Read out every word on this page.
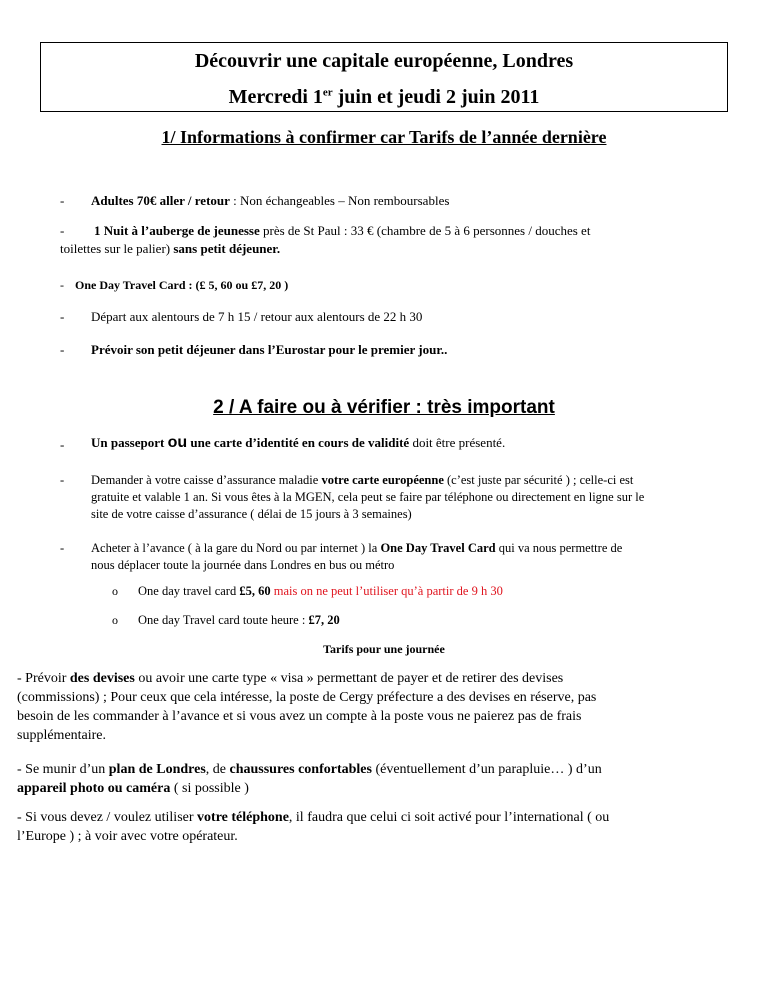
Découvrir une capitale européenne, Londres
Mercredi 1er juin et jeudi 2 juin 2011
1/ Informations à confirmer car Tarifs de l’année dernière
- Adultes 70€ aller / retour : Non échangeables – Non remboursables
- 1 Nuit à l’auberge de jeunesse près de St Paul : 33 € (chambre de 5 à 6 personnes / douches et
toilettes sur le palier) sans petit déjeuner.
- One Day Travel Card : (£ 5, 60 ou £7, 20 )
- Départ aux alentours de 7 h 15 / retour aux alentours de 22 h 30
- Prévoir son petit déjeuner dans l’Eurostar pour le premier jour..
2 / A faire ou à vérifier : très important
- Un passeport ou une carte d’identité en cours de validité doit être présenté.
- Demander à votre caisse d’assurance maladie votre carte européenne (c’est juste par sécurité ) ; celle-ci est
gratuite et valable 1 an. Si vous êtes à la MGEN, cela peut se faire par téléphone ou directement en ligne sur le
site de votre caisse d’assurance ( délai de 15 jours à 3 semaines)
- Acheter à l’avance ( à la gare du Nord ou par internet ) la One Day Travel Card qui va nous permettre de
nous déplacer toute la journée dans Londres en bus ou métro
o One day travel card £5, 60 mais on ne peut l’utiliser qu’à partir de 9 h 30
o One day Travel card toute heure : £7, 20
Tarifs pour une journée
- Prévoir des devises ou avoir une carte type « visa » permettant de payer et de retirer des devises
(commissions) ; Pour ceux que cela intéresse, la poste de Cergy préfecture a des devises en réserve, pas
besoin de les commander à l’avance et si vous avez un compte à la poste vous ne paierez pas de frais
supplémentaire.
- Se munir d’un plan de Londres, de chaussures confortables (éventuellement d’un parapluie… ) d’un
appareil photo ou caméra ( si possible )
- Si vous devez / voulez utiliser votre téléphone, il faudra que celui ci soit activé pour l’international ( ou
l’Europe ) ; à voir avec votre opérateur.
